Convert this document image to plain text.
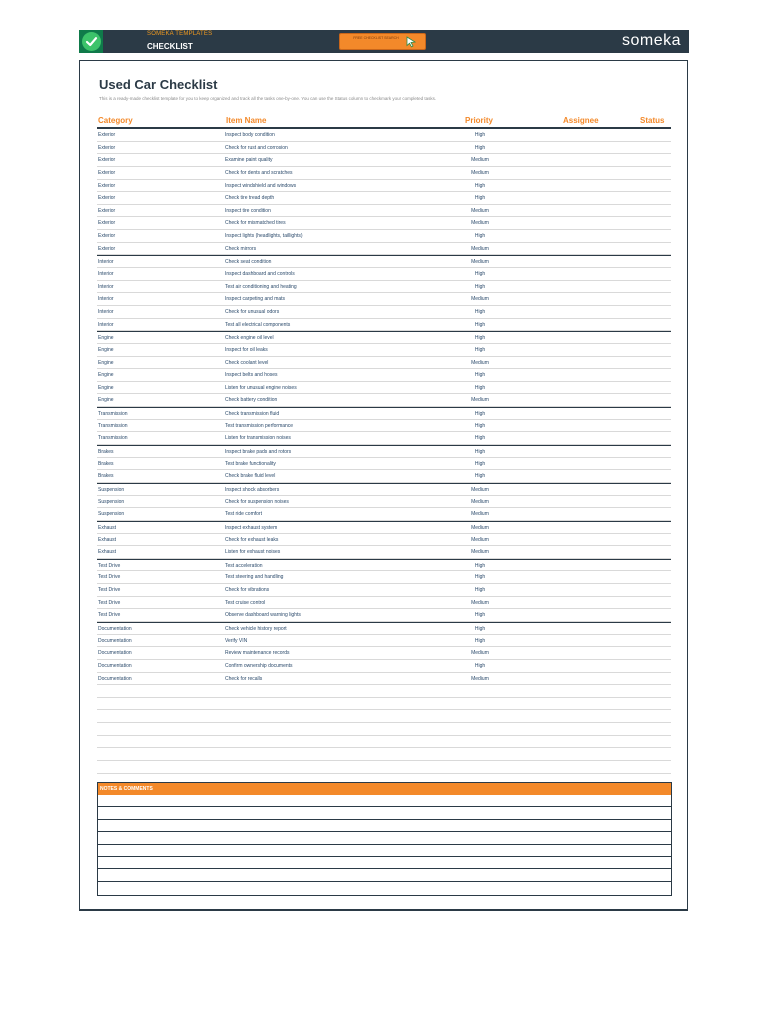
SOMEKA TEMPLATES
CHECKLIST
FREE CHECKLIST SEARCH	someka
Used Car Checklist
This is a ready-made checklist template for you to keep organized and track all the tasks one-by-one. You can use the Status column to checkmark your completed tasks.
Category	Item Name	Priority	Assignee	Status
Exterior	Inspect body condition	High
Exterior	Check for rust and corrosion	High
Exterior	Examine paint quality	Medium
Exterior	Check for dents and scratches	Medium
Exterior	Inspect windshield and windows	High
Exterior	Check tire tread depth	High
Exterior	Inspect tire condition	Medium
Exterior	Check for mismatched tires	Medium
Exterior	Inspect lights (headlights, taillights)	High
Exterior	Check mirrors	Medium
Interior	Check seat condition	Medium
Interior	Inspect dashboard and controls	High
Interior	Test air conditioning and heating	High
Interior	Inspect carpeting and mats	Medium
Interior	Check for unusual odors	High
Interior	Test all electrical components	High
Engine	Check engine oil level	High
Engine	Inspect for oil leaks	High
Engine	Check coolant level	Medium
Engine	Inspect belts and hoses	High
Engine	Listen for unusual engine noises	High
Engine	Check battery condition	Medium
Transmission	Check transmission fluid	High
Transmission	Test transmission performance	High
Transmission	Listen for transmission noises	High
Brakes	Inspect brake pads and rotors	High
Brakes	Test brake functionality	High
Brakes	Check brake fluid level	High
Suspension	Inspect shock absorbers	Medium
Suspension	Check for suspension noises	Medium
Suspension	Test ride comfort	Medium
Exhaust	Inspect exhaust system	Medium
Exhaust	Check for exhaust leaks	Medium
Exhaust	Listen for exhaust noises	Medium
Test Drive	Test acceleration	High
Test Drive	Test steering and handling	High
Test Drive	Check for vibrations	High
Test Drive	Test cruise control	Medium
Test Drive	Observe dashboard warning lights	High
Documentation	Check vehicle history report	High
Documentation	Verify VIN	High
Documentation	Review maintenance records	Medium
Documentation	Confirm ownership documents	High
Documentation	Check for recalls	Medium
NOTES & COMMENTS
